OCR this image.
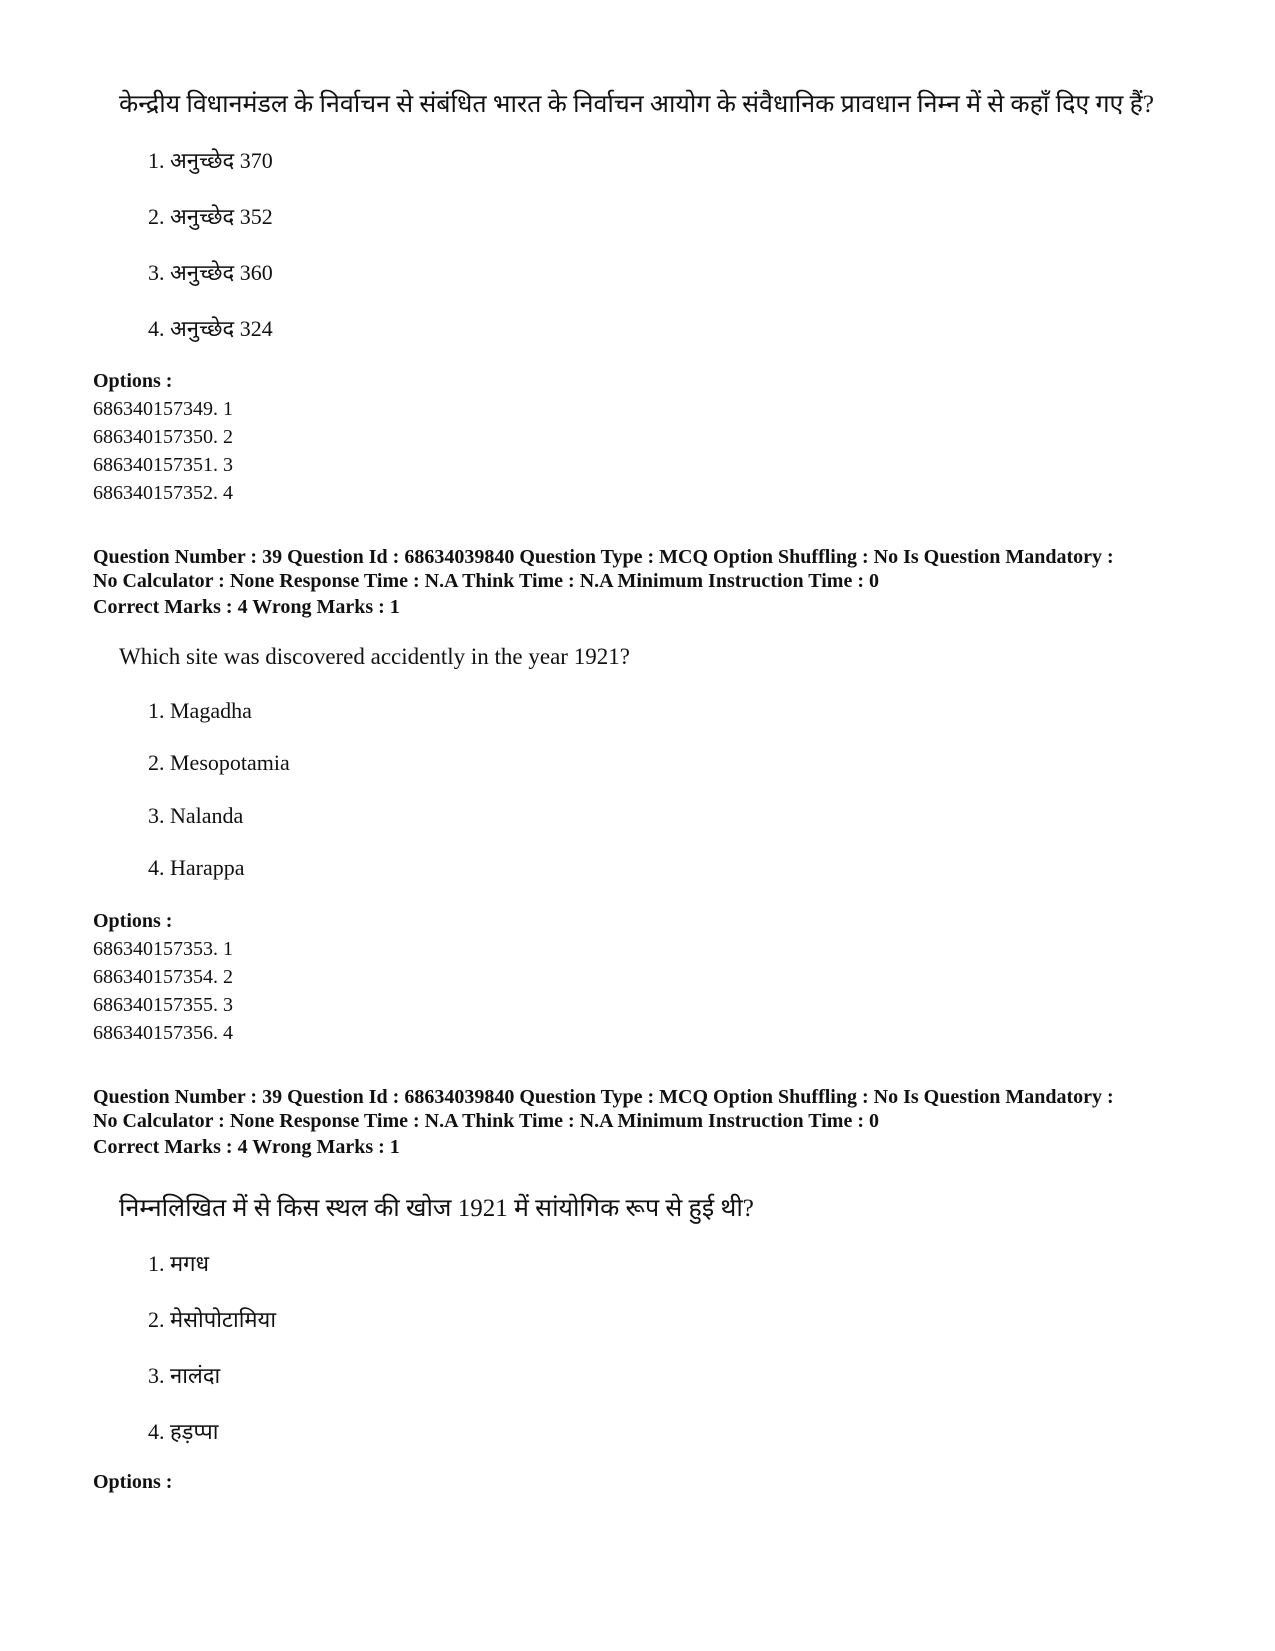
केन्द्रीय विधानमंडल के निर्वाचन से संबंधित भारत के निर्वाचन आयोग के संवैधानिक प्रावधान निम्न में से कहाँ दिए गए हैं?
1. अनुच्छेद 370
2. अनुच्छेद 352
3. अनुच्छेद 360
4. अनुच्छेद 324
Options :
686340157349. 1
686340157350. 2
686340157351. 3
686340157352. 4
Question Number : 39 Question Id : 68634039840 Question Type : MCQ Option Shuffling : No Is Question Mandatory :
No Calculator : None Response Time : N.A Think Time : N.A Minimum Instruction Time : 0
Correct Marks : 4 Wrong Marks : 1
Which site was discovered accidently in the year 1921?
1. Magadha
2. Mesopotamia
3. Nalanda
4. Harappa
Options :
686340157353. 1
686340157354. 2
686340157355. 3
686340157356. 4
Question Number : 39 Question Id : 68634039840 Question Type : MCQ Option Shuffling : No Is Question Mandatory :
No Calculator : None Response Time : N.A Think Time : N.A Minimum Instruction Time : 0
Correct Marks : 4 Wrong Marks : 1
निम्नलिखित में से किस स्थल की खोज 1921 में सांयोगिक रूप से हुई थी?
1. मगध
2. मेसोपोटामिया
3. नालंदा
4. हड़प्पा
Options :
